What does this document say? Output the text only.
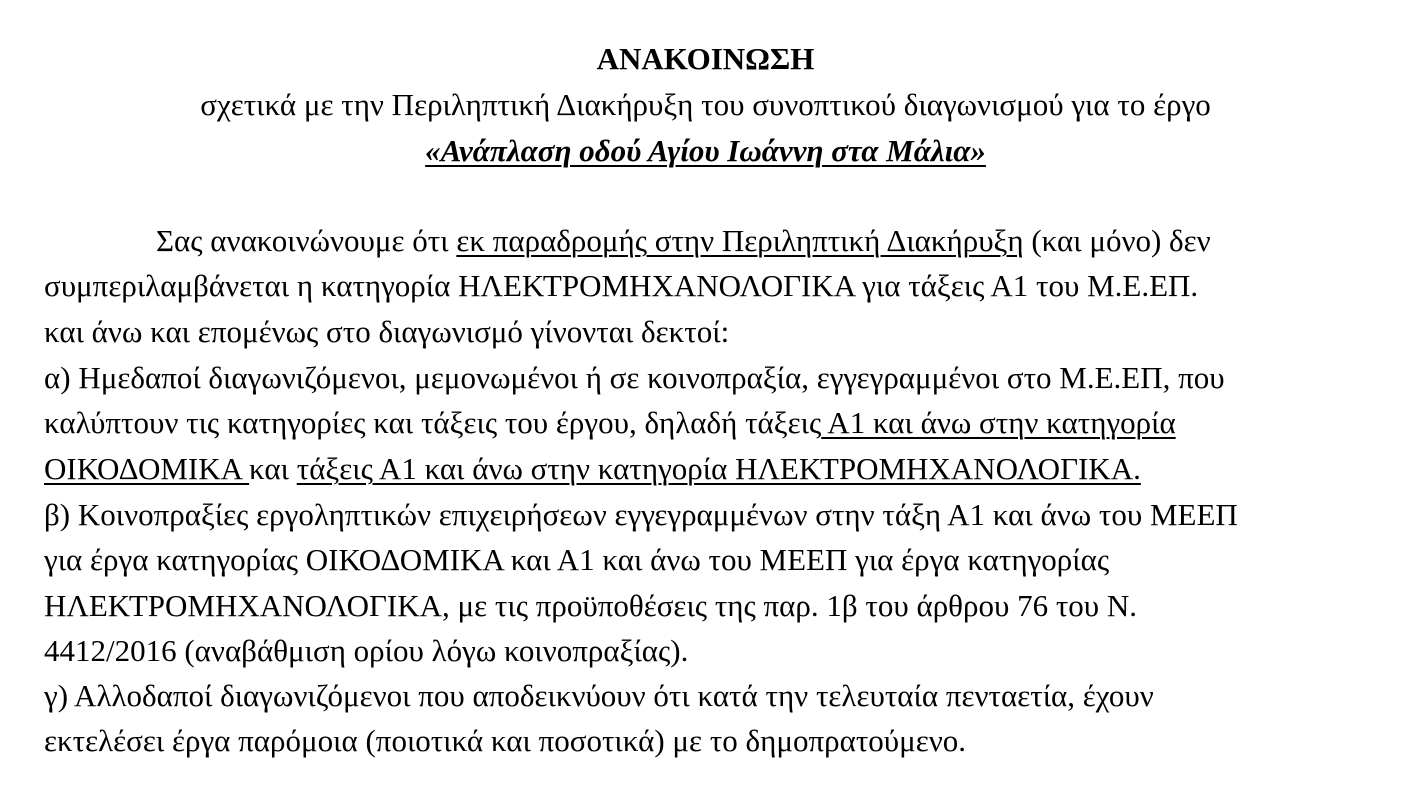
ΑΝΑΚΟΙΝΩΣΗ
σχετικά με την Περιληπτική Διακήρυξη του συνοπτικού διαγωνισμού για το έργο
«Ανάπλαση οδού Αγίου Ιωάννη στα Μάλια»
Σας ανακοινώνουμε ότι εκ παραδρομής στην Περιληπτική Διακήρυξη (και μόνο) δεν
συμπεριλαμβάνεται η κατηγορία ΗΛΕΚΤΡΟΜΗΧΑΝΟΛΟΓΙΚΑ για τάξεις Α1 του Μ.Ε.ΕΠ.
και άνω και επομένως στο διαγωνισμό γίνονται δεκτοί:
α) Ημεδαποί διαγωνιζόμενοι, μεμονωμένοι ή σε κοινοπραξία, εγγεγραμμένοι στο Μ.Ε.ΕΠ, που
καλύπτουν τις κατηγορίες και τάξεις του έργου, δηλαδή τάξεις Α1 και άνω στην κατηγορία
ΟΙΚΟΔΟΜΙΚΑ και τάξεις Α1 και άνω στην κατηγορία ΗΛΕΚΤΡΟΜΗΧΑΝΟΛΟΓΙΚΑ.
β) Κοινοπραξίες εργοληπτικών επιχειρήσεων εγγεγραμμένων στην τάξη Α1 και άνω του ΜΕΕΠ
για έργα κατηγορίας ΟΙΚΟΔΟΜΙΚΑ και Α1 και άνω του ΜΕΕΠ για έργα κατηγορίας
ΗΛΕΚΤΡΟΜΗΧΑΝΟΛΟΓΙΚΑ, με τις προϋποθέσεις της παρ. 1β του άρθρου 76 του Ν.
4412/2016 (αναβάθμιση ορίου λόγω κοινοπραξίας).
γ) Αλλοδαποί διαγωνιζόμενοι που αποδεικνύουν ότι κατά την τελευταία πενταετία, έχουν
εκτελέσει έργα παρόμοια (ποιοτικά και ποσοτικά) με το δημοπρατούμενο.
